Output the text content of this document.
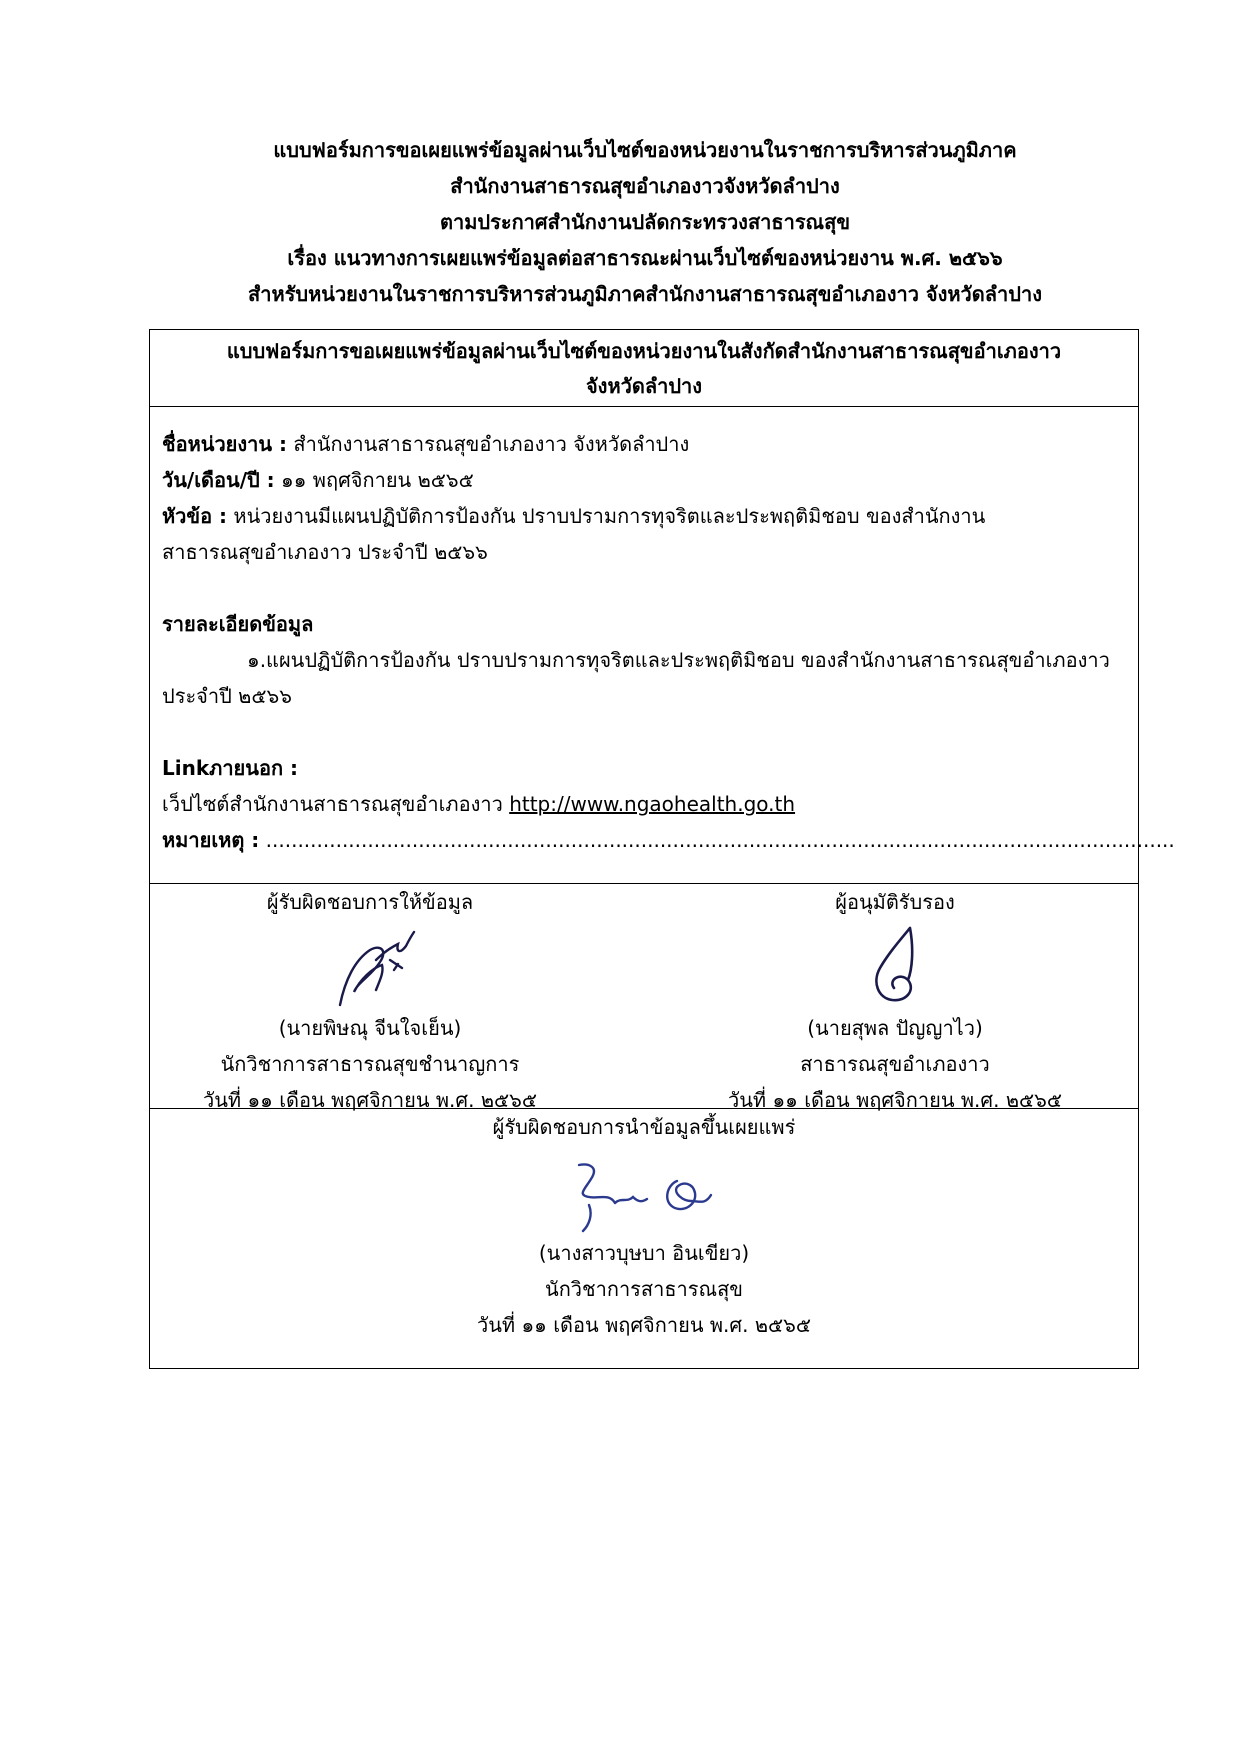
แบบฟอร์มการขอเผยแพร่ข้อมูลผ่านเว็บไซต์ของหน่วยงานในราชการบริหารส่วนภูมิภาค
สำนักงานสาธารณสุขอำเภองาวจังหวัดลำปาง
ตามประกาศสำนักงานปลัดกระทรวงสาธารณสุข
เรื่อง แนวทางการเผยแพร่ข้อมูลต่อสาธารณะผ่านเว็บไซต์ของหน่วยงาน พ.ศ. ๒๕๖๖
สำหรับหน่วยงานในราชการบริหารส่วนภูมิภาคสำนักงานสาธารณสุขอำเภองาว จังหวัดลำปาง
แบบฟอร์มการขอเผยแพร่ข้อมูลผ่านเว็บไซต์ของหน่วยงานในสังกัดสำนักงานสาธารณสุขอำเภองาว
จังหวัดลำปาง
ชื่อหน่วยงาน : สำนักงานสาธารณสุขอำเภองาว จังหวัดลำปาง
วัน/เดือน/ปี : ๑๑ พฤศจิกายน ๒๕๖๕
หัวข้อ : หน่วยงานมีแผนปฏิบัติการป้องกัน ปราบปรามการทุจริตและประพฤติมิชอบ ของสำนักงาน
สาธารณสุขอำเภองาว ประจำปี ๒๕๖๖
รายละเอียดข้อมูล
๑.แผนปฏิบัติการป้องกัน ปราบปรามการทุจริตและประพฤติมิชอบ ของสำนักงานสาธารณสุขอำเภองาว
ประจำปี ๒๕๖๖
Linkภายนอก :
เว็ปไซต์สำนักงานสาธารณสุขอำเภองาว http://www.ngaohealth.go.th
หมายเหตุ : ...............................................................................................................................................
ผู้รับผิดชอบการให้ข้อมูล
(นายพิษณุ จีนใจเย็น)
นักวิชาการสาธารณสุขชำนาญการ
วันที่ ๑๑ เดือน พฤศจิกายน พ.ศ. ๒๕๖๕
ผู้อนุมัติรับรอง
(นายสุพล ปัญญาไว)
สาธารณสุขอำเภองาว
วันที่ ๑๑ เดือน พฤศจิกายน พ.ศ. ๒๕๖๕
ผู้รับผิดชอบการนำข้อมูลขึ้นเผยแพร่
(นางสาวบุษบา อินเขียว)
นักวิชาการสาธารณสุข
วันที่ ๑๑ เดือน พฤศจิกายน พ.ศ. ๒๕๖๕
